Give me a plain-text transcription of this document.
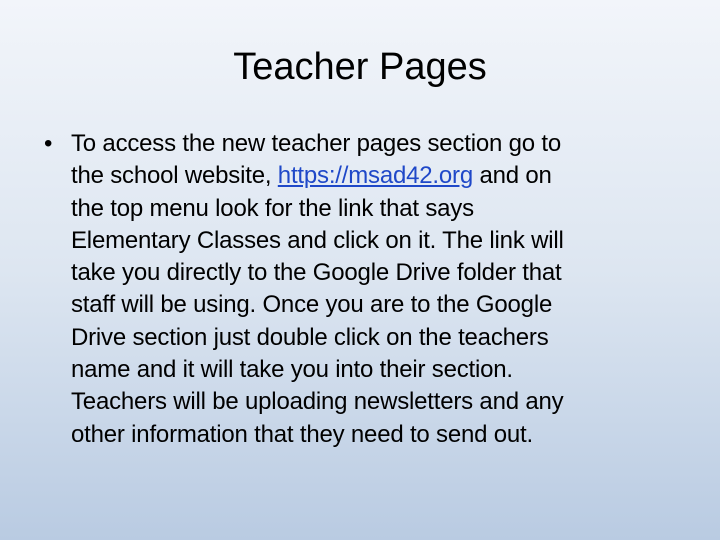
Teacher Pages
• To access the new teacher pages section go to
the school website, https://msad42.org and on
the top menu look for the link that says
Elementary Classes and click on it. The link will
take you directly to the Google Drive folder that
staff will be using. Once you are to the Google
Drive section just double click on the teachers
name and it will take you into their section.
Teachers will be uploading newsletters and any
other information that they need to send out.
